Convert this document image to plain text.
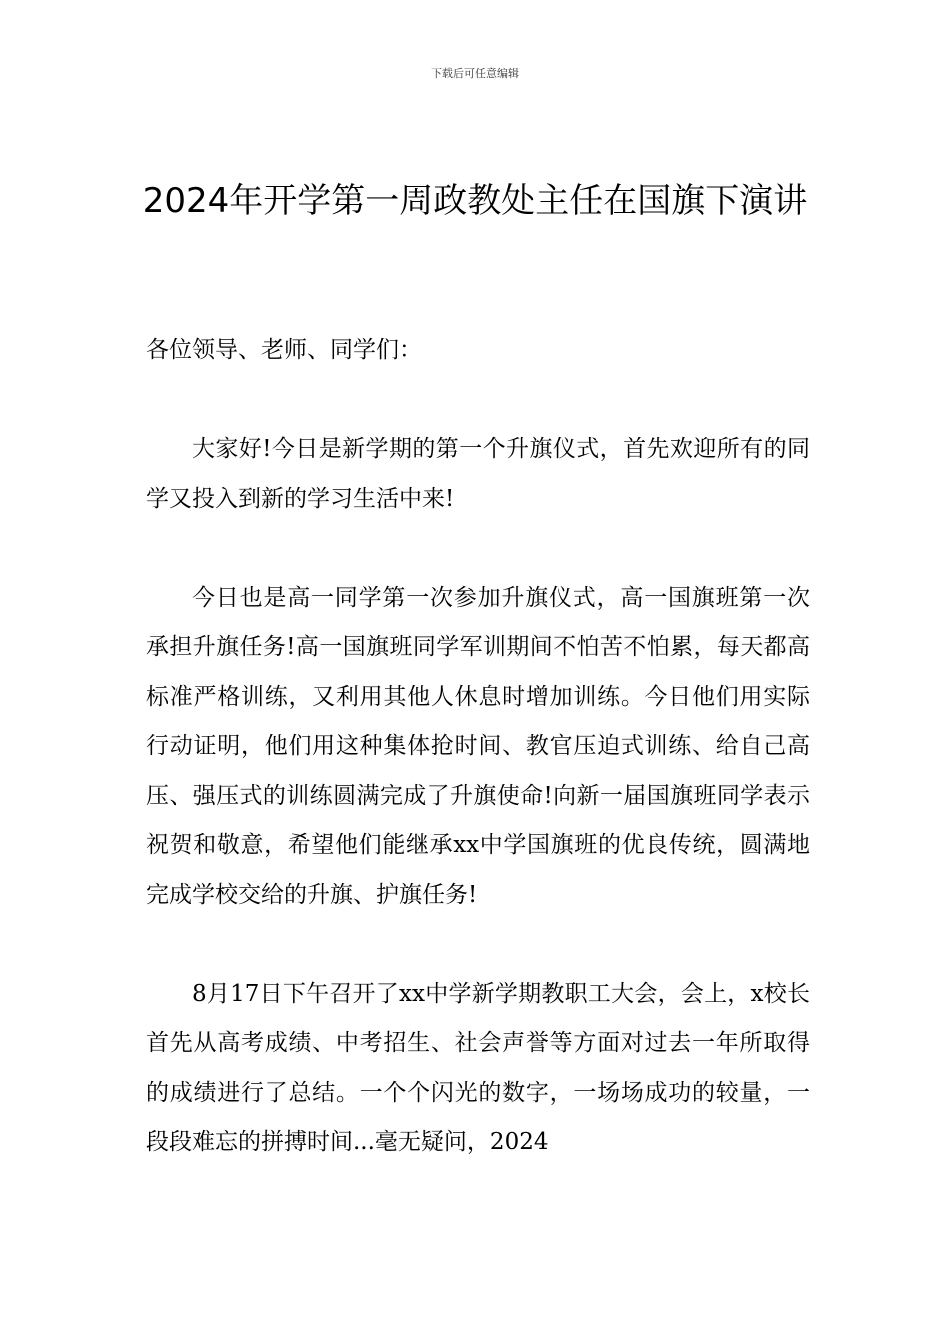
下载后可任意编辑
2024年开学第一周政教处主任在国旗下演讲

各位领导、老师、同学们：

大家好!今日是新学期的第一个升旗仪式，首先欢迎所有的同学又投入到新的学习生活中来!

今日也是高一同学第一次参加升旗仪式，高一国旗班第一次承担升旗任务!高一国旗班同学军训期间不怕苦不怕累，每天都高标准严格训练，又利用其他人休息时增加训练。今日他们用实际行动证明，他们用这种集体抢时间、教官压迫式训练、给自己高压、强压式的训练圆满完成了升旗使命!向新一届国旗班同学表示祝贺和敬意，希望他们能继承xx中学国旗班的优良传统，圆满地完成学校交给的升旗、护旗任务!

8月17日下午召开了xx中学新学期教职工大会，会上，x校长首先从高考成绩、中考招生、社会声誉等方面对过去一年所取得的成绩进行了总结。一个个闪光的数字，一场场成功的较量，一段段难忘的拼搏时间...毫无疑问，2024
